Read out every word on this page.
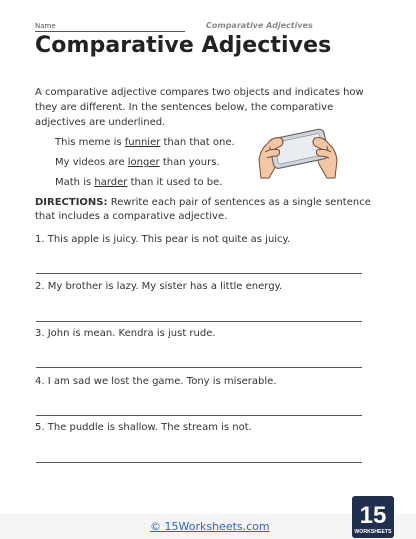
Name	Comparative Adjectives
Comparative Adjectives
A comparative adjective compares two objects and indicates how they are different. In the sentences below, the comparative adjectives are underlined.
This meme is funnier than that one.
My videos are longer than yours.
Math is harder than it used to be.
DIRECTIONS: Rewrite each pair of sentences as a single sentence that includes a comparative adjective.
1. This apple is juicy. This pear is not quite as juicy.
2. My brother is lazy. My sister has a little energy.
3. John is mean. Kendra is just rude.
4. I am sad we lost the game. Tony is miserable.
5. The puddle is shallow. The stream is not.
© 15Worksheets.com	15
WORKSHEETS
